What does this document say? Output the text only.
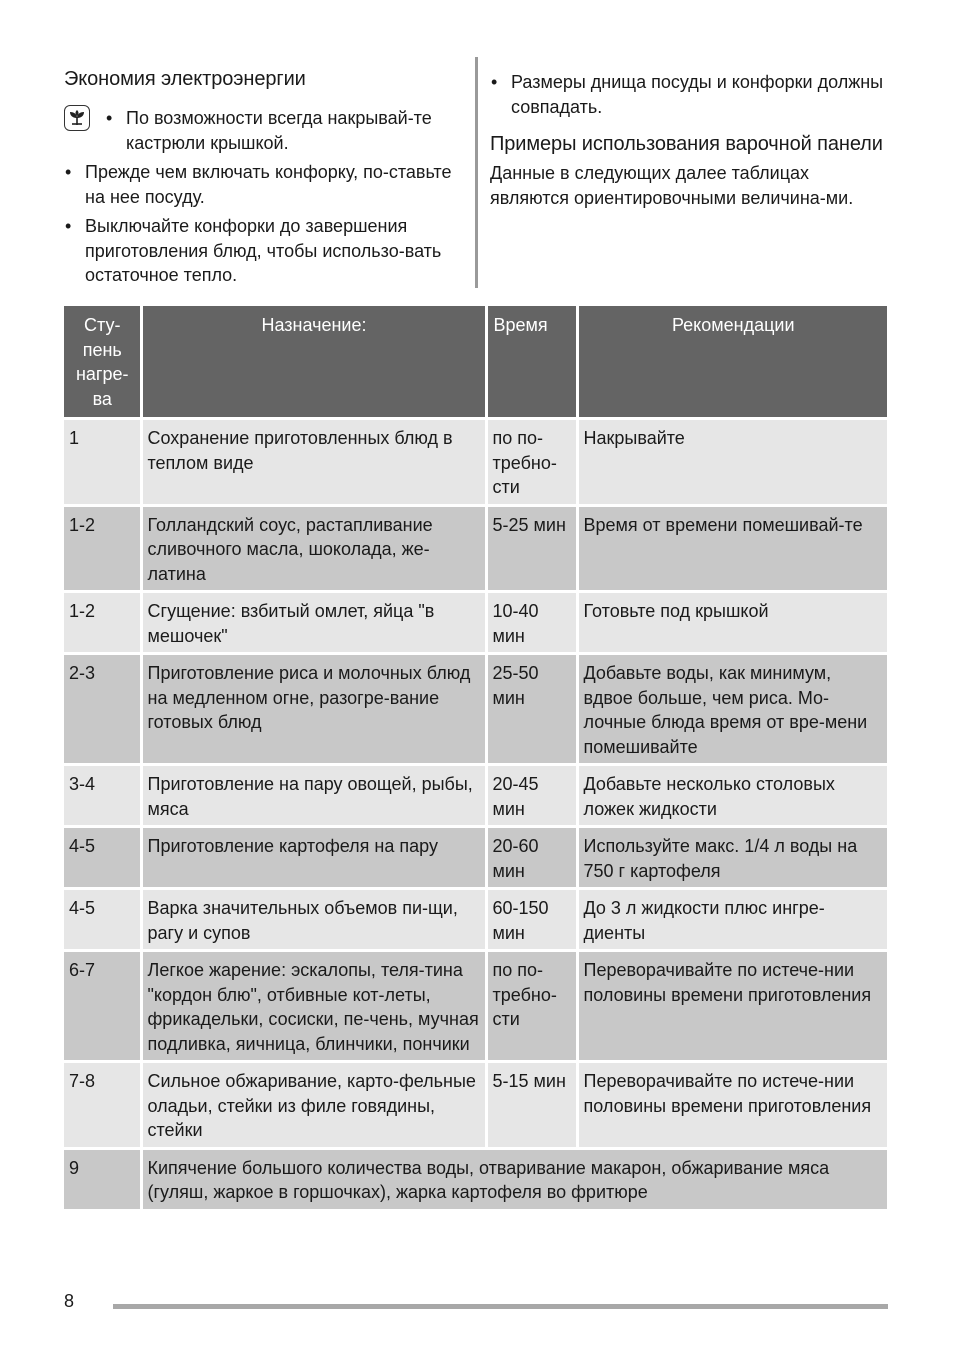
Экономия электроэнергии
• По возможности всегда накрывай-те кастрюли крышкой.
• Прежде чем включать конфорку, по-ставьте на нее посуду.
• Выключайте конфорки до завершения приготовления блюд, чтобы использо-вать остаточное тепло.
• Размеры днища посуды и конфорки должны совпадать.
Примеры использования варочной панели

Данные в следующих далее таблицах являются ориентировочными величина-ми.

Сту-пень нагре-ва	Назначение:	Время	Рекомендации
1	Сохранение приготовленных блюд в теплом виде	по по-требно-сти	Накрывайте
1-2	Голландский соус, растапливание сливочного масла, шоколада, же-латина	5-25 мин	Время от времени помешивай-те
1-2	Сгущение: взбитый омлет, яйца "в мешочек"	10-40 мин	Готовьте под крышкой
2-3	Приготовление риса и молочных блюд на медленном огне, разогре-вание готовых блюд	25-50 мин	Добавьте воды, как минимум, вдвое больше, чем риса. Мо-лочные блюда время от вре-мени помешивайте
3-4	Приготовление на пару овощей, рыбы, мяса	20-45 мин	Добавьте несколько столовых ложек жидкости
4-5	Приготовление картофеля на пару	20-60 мин	Используйте макс. 1/4 л воды на 750 г картофеля
4-5	Варка значительных объемов пи-щи, рагу и супов	60-150 мин	До 3 л жидкости плюс ингре-диенты
6-7	Легкое жарение: эскалопы, теля-тина "кордон блю", отбивные кот-леты, фрикадельки, сосиски, пе-чень, мучная подливка, яичница, блинчики, пончики	по по-требно-сти	Переворачивайте по истече-нии половины времени приготовления
7-8	Сильное обжаривание, карто-фельные оладьи, стейки из филе говядины, стейки	5-15 мин	Переворачивайте по истече-нии половины времени приготовления
9	Кипячение большого количества воды, отваривание макарон, обжаривание мяса (гуляш, жаркое в горшочках), жарка картофеля во фритюре		
8
